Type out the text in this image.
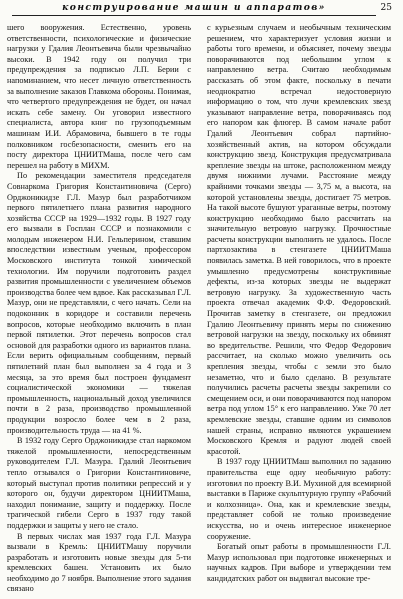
конструирование машин и аппаратов»	25

шего вооружения. Естественно, уровень ответственности, психологические и физические нагрузки у Гдалия Леонтьевича были чрезвычайно высоки. В 1942 году он получил три предупреждения за подписью Л.П. Берии с напоминанием, что несет личную ответственность за выполнение заказов Главкома обороны. Понимая, что четвертого предупреждения не будет, он начал искать себе замену. Он уговорил известного специалиста, автора книг по грузоподъемным машинам И.И. Абрамовича, бывшего в те годы полковником госбезопасности, сменить его на посту директора ЦНИИТМаша, после чего сам перешел на работу в МИХМ.

По рекомендации заместителя председателя Совнаркома Григория Константиновича (Серго) Орджоникидзе Г.Л. Мазур был разработчиком первого пятилетнего плана развития народного хозяйства СССР на 1929—1932 годы. В 1927 году его вызвали в Госплан СССР и познакомили с молодым инженером Н.И. Гельперином, ставшим впоследствии известным ученым, профессором Московского института тонкой химической технологии. Им поручили подготовить раздел развития промышленности с увеличением объемов производства более чем вдвое. Как рассказывал Г.Л. Мазур, они не представляли, с чего начать. Сели на подоконник в коридоре и составили перечень вопросов, которые необходимо включить в план первой пятилетки. Этот перечень вопросов стал основой для разработки одного из вариантов плана. Если верить официальным сообщениям, первый пятилетний план был выполнен за 4 года и 3 месяца, за это время был построен фундамент социалистической экономики — тяжелая промышленность, национальный доход увеличился почти в 2 раза, производство промышленной продукции возросло более чем в 2 раза, производительность труда — на 41 %.

В 1932 году Серго Орджоникидзе стал наркомом тяжелой промышленности, непосредственным руководителем Г.Л. Мазура. Гдалий Леонтьевич тепло отзывался о Григории Константиновиче, который выступал против политики репрессий и у которого он, будучи директором ЦНИИТМаша, находил понимание, защиту и поддержку. После трагической гибели Серго в 1937 году такой поддержки и защиты у него не стало.

В первых числах мая 1937 года Г.Л. Мазура вызвали в Кремль: ЦНИИТМашу поручили разработать и изготовить новые звезды для 5-ти кремлевских башен. Установить их было необходимо до 7 ноября. Выполнение этого задания связано

с курьезным случаем и необычным техническим решением, что характеризует условия жизни и работы того времени, и объясняет, почему звезды поворачиваются под небольшим углом к направлению ветра. Считаю необходимым рассказать об этом факте, поскольку в печати неоднократно встречал недостоверную информацию о том, что лучи кремлевских звезд указывают направление ветра, поворачиваясь под его напором как флюгер. В самом начале работ Гдалий Леонтьевич собрал партийно-хозяйственный актив, на котором обсуждали конструкцию звезд. Конструкция предусматривала крепление звезды на штоке, расположенном между двумя нижними лучами. Расстояние между крайними точками звезды — 3,75 м, а высота, на которой установлены звезды, достигает 75 метров. На такой высоте бушуют ураганные ветры, поэтому конструкцию необходимо было рассчитать на значительную ветровую нагрузку. Прочностные расчеты конструкции выполнить не удалось. После партхозактива в стенгазете ЦНИИТМаша появилась заметка. В ней говорилось, что в проекте умышленно предусмотрены конструктивные дефекты, из-за которых звезды не выдержат ветровую нагрузку. За художественную часть проекта отвечал академик Ф.Ф. Федоровский. Прочитав заметку в стенгазете, он предложил Гдалию Леонтьевичу принять меры по снижению ветровой нагрузки на звезду, поскольку их обвинят во вредительстве. Решили, что Федор Федорович рассчитает, на сколько можно увеличить ось крепления звезды, чтобы с земли это было незаметно, что и было сделано. В результате получились расчеты расчеты звезды закрепили со смещением оси, и они поворачиваются под напором ветра под углом 15° к его направлению. Уже 70 лет кремлевские звезды, ставшие одним из символов нашей страны, исправно являются украшением Московского Кремля и радуют людей своей красотой.

В 1937 году ЦНИИТМаш выполнил по заданию правительства еще одну необычную работу: изготовил по проекту В.И. Мухиной для всемирной выставки в Париже скульптурную группу «Рабочий и колхозница». Она, как и кремлевские звезды, представляет собой не только произведение искусства, но и очень интересное инженерное сооружение.

Богатый опыт работы в промышленности Г.Л. Мазур использовал при подготовке инженерных и научных кадров. При выборе и утверждении тем кандидатских работ он выдвигал высокие тре-
